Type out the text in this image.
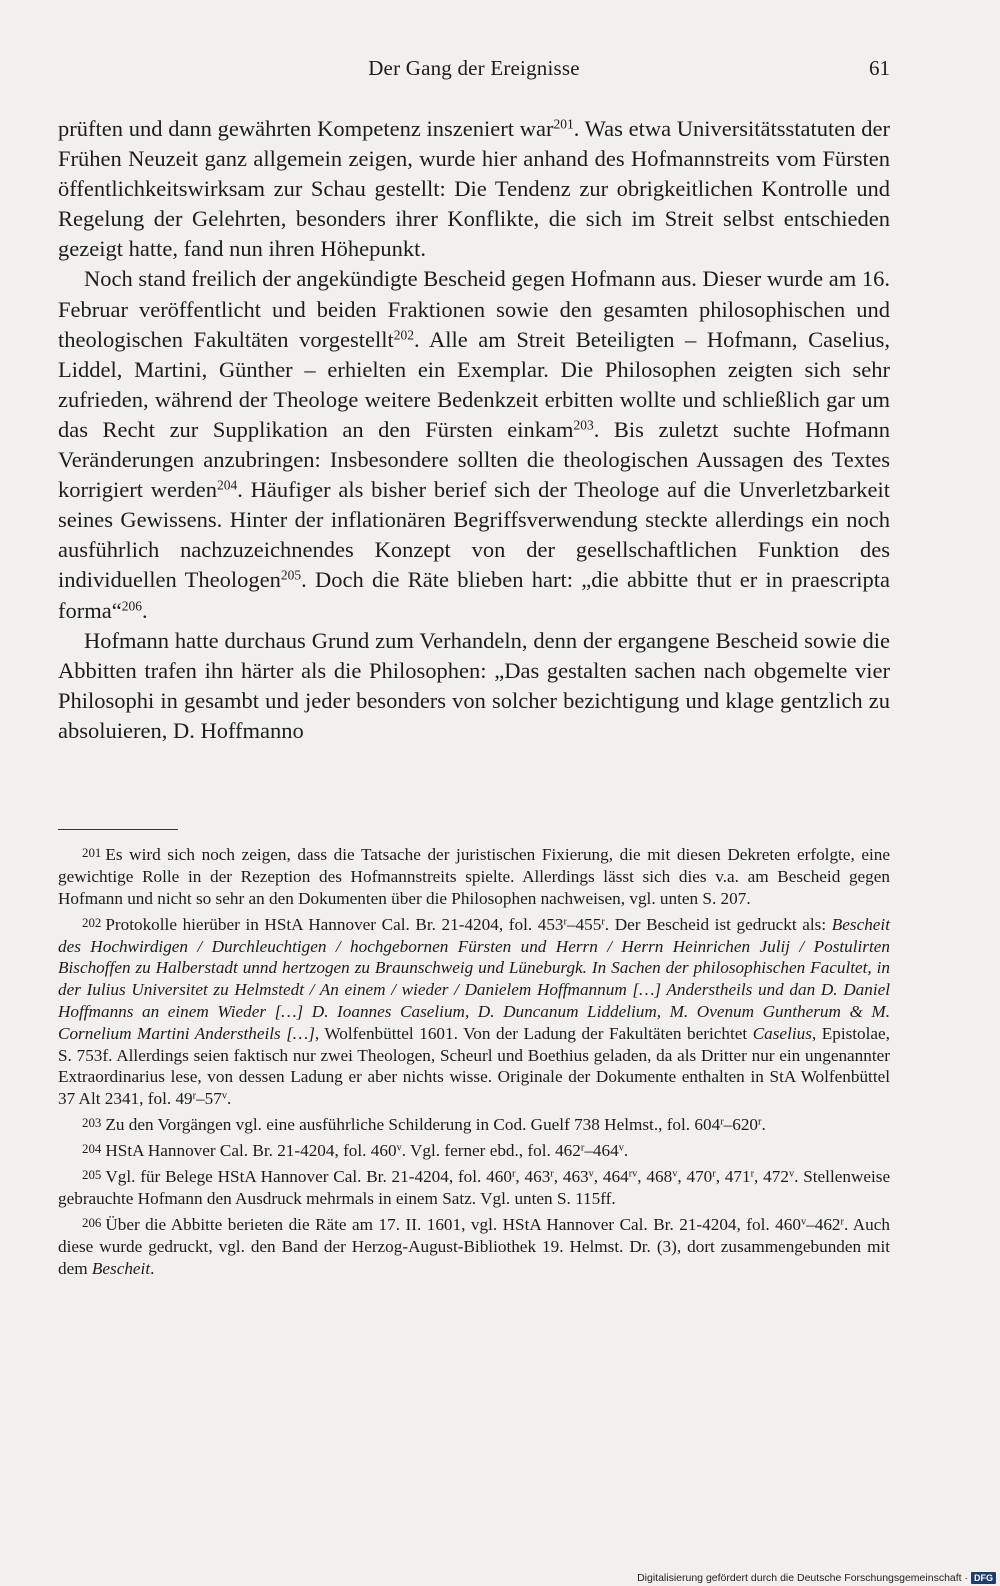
Der Gang der Ereignisse	61

prüften und dann gewährten Kompetenz inszeniert war$^{201}$. Was etwa Universitätsstatuten der Frühen Neuzeit ganz allgemein zeigen, wurde hier anhand des Hofmannstreits vom Fürsten öffentlichkeitswirksam zur Schau gestellt: Die Tendenz zur obrigkeitlichen Kontrolle und Regelung der Gelehrten, besonders ihrer Konflikte, die sich im Streit selbst entschieden gezeigt hatte, fand nun ihren Höhepunkt.

Noch stand freilich der angekündigte Bescheid gegen Hofmann aus. Dieser wurde am 16. Februar veröffentlicht und beiden Fraktionen sowie den gesamten philosophischen und theologischen Fakultäten vorgestellt$^{202}$. Alle am Streit Beteiligten – Hofmann, Caselius, Liddel, Martini, Günther – erhielten ein Exemplar. Die Philosophen zeigten sich sehr zufrieden, während der Theologe weitere Bedenkzeit erbitten wollte und schließlich gar um das Recht zur Supplikation an den Fürsten einkam$^{203}$. Bis zuletzt suchte Hofmann Veränderungen anzubringen: Insbesondere sollten die theologischen Aussagen des Textes korrigiert werden$^{204}$. Häufiger als bisher berief sich der Theologe auf die Unverletzbarkeit seines Gewissens. Hinter der inflationären Begriffsverwendung steckte allerdings ein noch ausführlich nachzuzeichnendes Konzept von der gesellschaftlichen Funktion des individuellen Theologen$^{205}$. Doch die Räte blieben hart: „die abbitte thut er in praescripta forma“$^{206}$.

Hofmann hatte durchaus Grund zum Verhandeln, denn der ergangene Bescheid sowie die Abbitten trafen ihn härter als die Philosophen: „Das gestalten sachen nach obgemelte vier Philosophi in gesambt und jeder besonders von solcher bezichtigung und klage gentzlich zu absoluieren, D. Hoffmanno

201 Es wird sich noch zeigen, dass die Tatsache der juristischen Fixierung, die mit diesen Dekreten erfolgte, eine gewichtige Rolle in der Rezeption des Hofmannstreits spielte. Allerdings lässt sich dies v.a. am Bescheid gegen Hofmann und nicht so sehr an den Dokumenten über die Philosophen nachweisen, vgl. unten S. 207.

202 Protokolle hierüber in HStA Hannover Cal. Br. 21-4204, fol. 453$^r$–455$^r$. Der Bescheid ist gedruckt als: Bescheit des Hochwirdigen / Durchleuchtigen / hochgebornen Fürsten und Herrn / Herrn Heinrichen Julij / Postulirten Bischoffen zu Halberstadt unnd hertzogen zu Braunschweig und Lüneburgk. In Sachen der philosophischen Facultet, in der Iulius Universitet zu Helmstedt / An einem / wieder / Danielem Hoffmannum […] Anderstheils und dan D. Daniel Hoffmanns an einem Wieder […] D. Ioannes Caselium, D. Duncanum Liddelium, M. Ovenum Guntherum & M. Cornelium Martini Anderstheils […], Wolfenbüttel 1601. Von der Ladung der Fakultäten berichtet Caselius, Epistolae, S. 753f. Allerdings seien faktisch nur zwei Theologen, Scheurl und Boethius geladen, da als Dritter nur ein ungenannter Extraordinarius lese, von dessen Ladung er aber nichts wisse. Originale der Dokumente enthalten in StA Wolfenbüttel 37 Alt 2341, fol. 49$^r$–57$^v$.

203 Zu den Vorgängen vgl. eine ausführliche Schilderung in Cod. Guelf 738 Helmst., fol. 604$^r$–620$^r$.

204 HStA Hannover Cal. Br. 21-4204, fol. 460$^v$. Vgl. ferner ebd., fol. 462$^r$–464$^v$.

205 Vgl. für Belege HStA Hannover Cal. Br. 21-4204, fol. 460$^r$, 463$^r$, 463$^v$, $464^{rv}$, 468$^v$, 470$^r$, 471$^r$, 472$^v$. Stellenweise gebrauchte Hofmann den Ausdruck mehrmals in einem Satz. Vgl. unten S. 115ff.

206 Über die Abbitte berieten die Räte am 17. II. 1601, vgl. HStA Hannover Cal. Br. 21-4204, fol. 460$^v$–462$^r$. Auch diese wurde gedruckt, vgl. den Band der Herzog-August-Bibliothek 19. Helmst. Dr. (3), dort zusammengebunden mit dem Bescheit.

Digitalisierung gefördert durch die Deutsche Forschungsgemeinschaft · DFG
